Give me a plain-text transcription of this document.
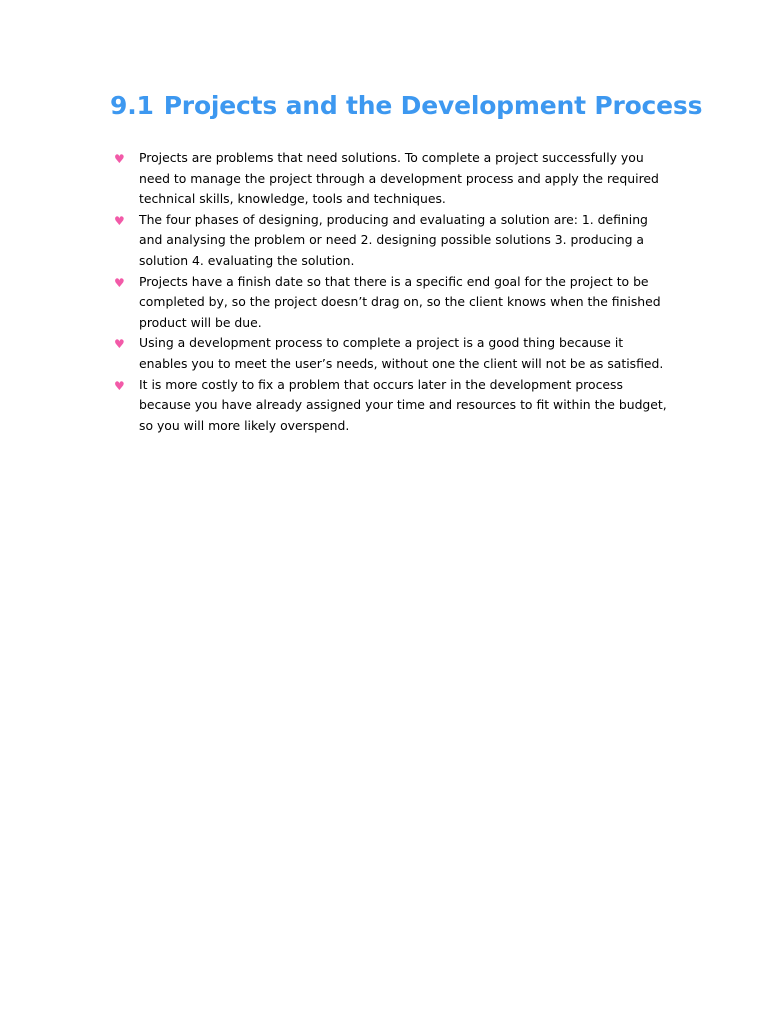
9.1 Projects and the Development Process
♥ Projects are problems that need solutions. To complete a project successfully you need to manage the project through a development process and apply the required technical skills, knowledge, tools and techniques.
♥ The four phases of designing, producing and evaluating a solution are: 1. defining and analysing the problem or need 2. designing possible solutions 3. producing a solution 4. evaluating the solution.
♥ Projects have a finish date so that there is a specific end goal for the project to be completed by, so the project doesn’t drag on, so the client knows when the finished product will be due.
♥ Using a development process to complete a project is a good thing because it enables you to meet the user’s needs, without one the client will not be as satisfied.
♥ It is more costly to fix a problem that occurs later in the development process because you have already assigned your time and resources to fit within the budget, so you will more likely overspend.
